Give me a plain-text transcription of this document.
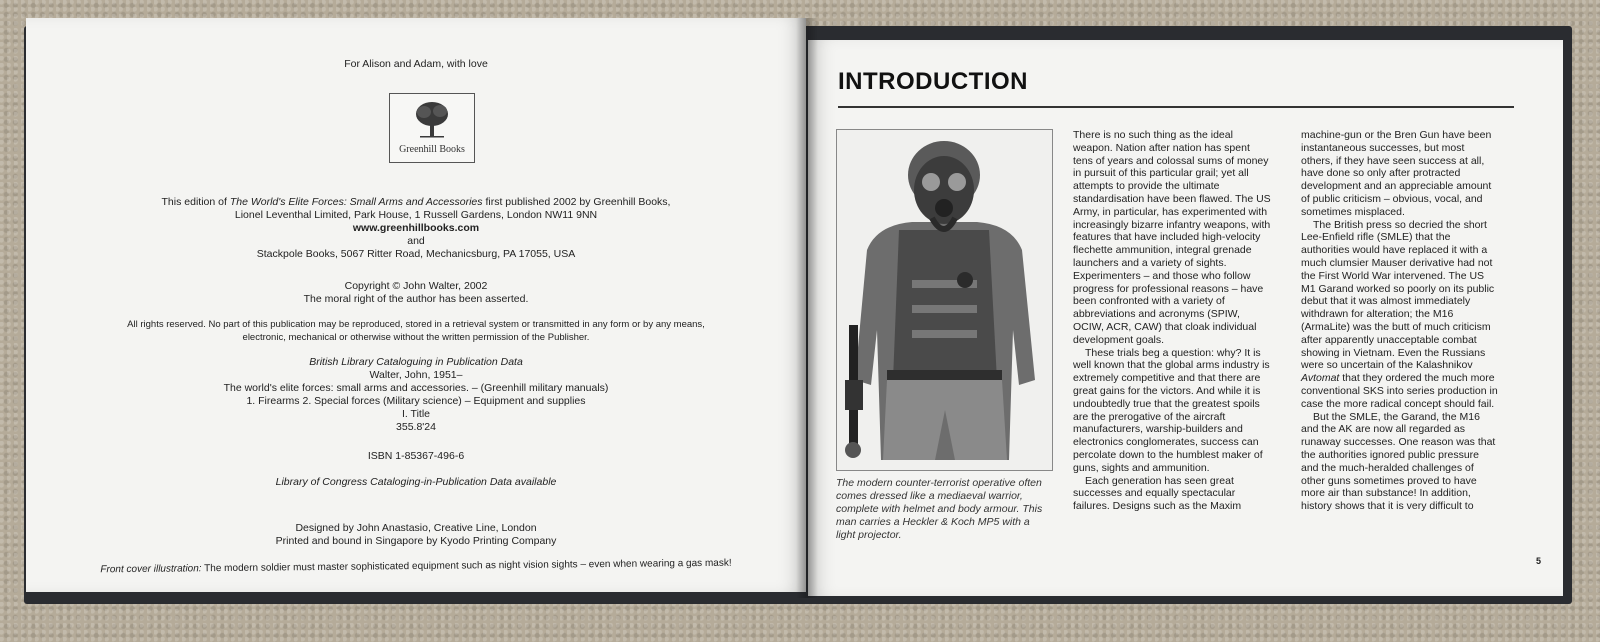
For Alison and Adam, with love
Greenhill Books
This edition of The World's Elite Forces: Small Arms and Accessories first published 2002 by Greenhill Books,
Lionel Leventhal Limited, Park House, 1 Russell Gardens, London NW11 9NN
www.greenhillbooks.com
and
Stackpole Books, 5067 Ritter Road, Mechanicsburg, PA 17055, USA
Copyright © John Walter, 2002
The moral right of the author has been asserted.
All rights reserved. No part of this publication may be reproduced, stored in a retrieval system or transmitted in any form or by any means,
electronic, mechanical or otherwise without the written permission of the Publisher.
British Library Cataloguing in Publication Data
Walter, John, 1951–
The world's elite forces: small arms and accessories. – (Greenhill military manuals)
1. Firearms 2. Special forces (Military science) – Equipment and supplies
I. Title
355.8'24
ISBN 1-85367-496-6
Library of Congress Cataloging-in-Publication Data available
Designed by John Anastasio, Creative Line, London
Printed and bound in Singapore by Kyodo Printing Company
Front cover illustration: The modern soldier must master sophisticated equipment such as night vision sights – even when wearing a gas mask!
INTRODUCTION
The modern counter-terrorist operative often comes dressed like a mediaeval warrior, complete with helmet and body armour. This man carries a Heckler & Koch MP5 with a light projector.

There is no such thing as the ideal weapon. Nation after nation has spent tens of years and colossal sums of money in pursuit of this particular grail; yet all attempts to provide the ultimate standardisation have been flawed. The US Army, in particular, has experimented with increasingly bizarre infantry weapons, with features that have included high-velocity flechette ammunition, integral grenade launchers and a variety of sights. Experimenters – and those who follow progress for professional reasons – have been confronted with a variety of abbreviations and acronyms (SPIW, OCIW, ACR, CAW) that cloak individual development goals.

These trials beg a question: why? It is well known that the global arms industry is extremely competitive and that there are great gains for the victors. And while it is undoubtedly true that the greatest spoils are the prerogative of the aircraft manufacturers, warship-builders and electronics conglomerates, success can percolate down to the humblest maker of guns, sights and ammunition.

Each generation has seen great successes and equally spectacular failures. Designs such as the Maxim

machine-gun or the Bren Gun have been instantaneous successes, but most others, if they have seen success at all, have done so only after protracted development and an appreciable amount of public criticism – obvious, vocal, and sometimes misplaced.

The British press so decried the short Lee-Enfield rifle (SMLE) that the authorities would have replaced it with a much clumsier Mauser derivative had not the First World War intervened. The US M1 Garand worked so poorly on its public debut that it was almost immediately withdrawn for alteration; the M16 (ArmaLite) was the butt of much criticism after apparently unacceptable combat showing in Vietnam. Even the Russians were so uncertain of the Kalashnikov Avtomat that they ordered the much more conventional SKS into series production in case the more radical concept should fail.

But the SMLE, the Garand, the M16 and the AK are now all regarded as runaway successes. One reason was that the authorities ignored public pressure and the much-heralded challenges of other guns sometimes proved to have more air than substance! In addition, history shows that it is very difficult to

5
